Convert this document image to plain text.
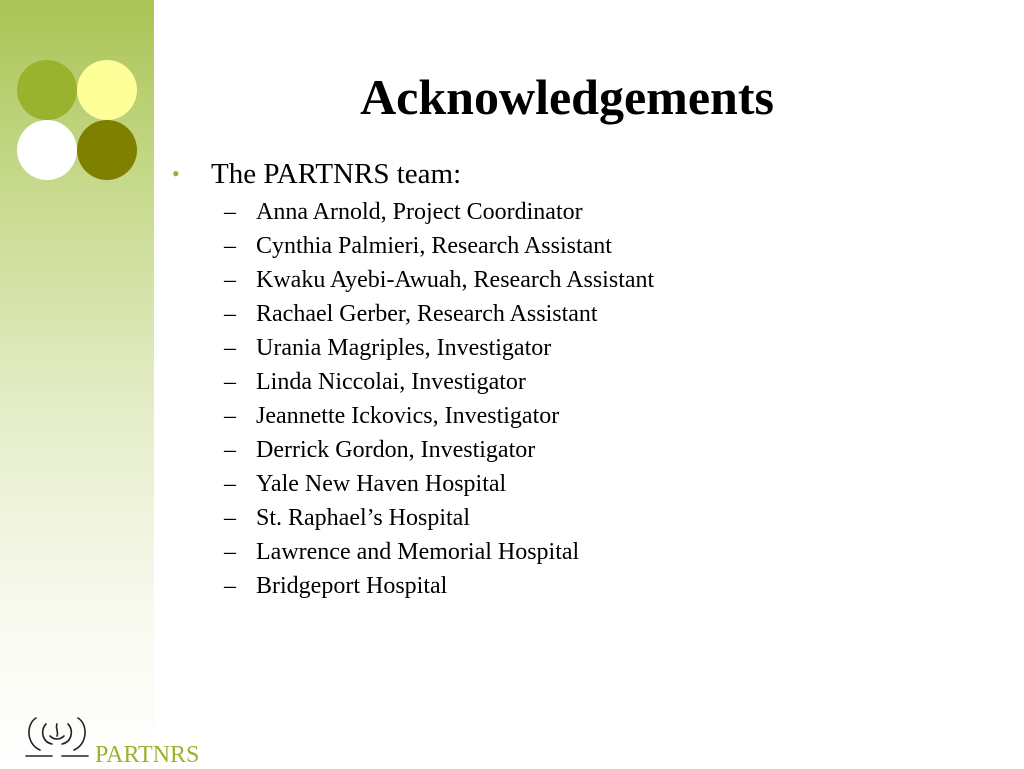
Acknowledgements
• The PARTNRS team:
– Anna Arnold, Project Coordinator
– Cynthia Palmieri, Research Assistant
– Kwaku Ayebi-Awuah, Research Assistant
– Rachael Gerber, Research Assistant
– Urania Magriples, Investigator
– Linda Niccolai, Investigator
– Jeannette Ickovics, Investigator
– Derrick Gordon, Investigator
– Yale New Haven Hospital
– St. Raphael’s Hospital
– Lawrence and Memorial Hospital
– Bridgeport Hospital
PARTNRS
